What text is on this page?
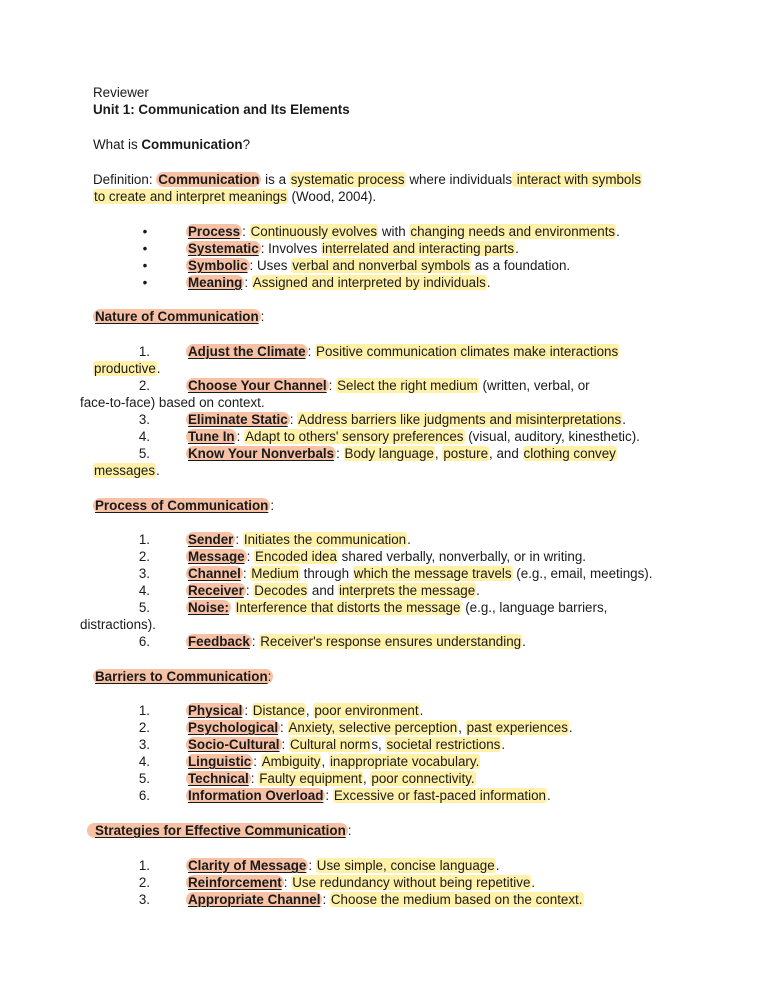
Reviewer
Unit 1: Communication and Its Elements
What is Communication?
Definition: Communication is a systematic process where individuals interact with symbols
to create and interpret meanings (Wood, 2004).
•	Process : Continuously evolves with changing needs and environments.
•	Systematic : Involves interrelated and interacting parts.
•	Symbolic : Uses verbal and nonverbal symbols as a foundation.
•	Meaning : Assigned and interpreted by individuals.
Nature of Communication :
1.	Adjust the Climate : Positive communication climates make interactions
productive.
2.	Choose Your Channel : Select the right medium (written, verbal, or
face-to-face) based on context.
3.	Eliminate Static : Address barriers like judgments and misinterpretations.
4.	Tune In : Adapt to others' sensory preferences (visual, auditory, kinesthetic).
5.	Know Your Nonverbals : Body language, posture, and clothing convey
messages.
Process of Communication :
1.	Sender : Initiates the communication.
2.	Message : Encoded idea shared verbally, nonverbally, or in writing.
3.	Channel : Medium through which the message travels (e.g., email, meetings).
4.	Receiver : Decodes and interprets the message.
5.	Noise: Interference that distorts the message (e.g., language barriers,
distractions).
6.	Feedback : Receiver's response ensures understanding.
Barriers to Communication:
1.	Physical : Distance, poor environment.
2.	Psychological : Anxiety, selective perception, past experiences.
3.	Socio-Cultural : Cultural norms, societal restrictions.
4.	Linguistic : Ambiguity, inappropriate vocabulary.
5.	Technical : Faulty equipment, poor connectivity.
6.	Information Overload : Excessive or fast-paced information.
Strategies for Effective Communication :
1.	Clarity of Message : Use simple, concise language.
2.	Reinforcement : Use redundancy without being repetitive.
3.	Appropriate Channel : Choose the medium based on the context.
